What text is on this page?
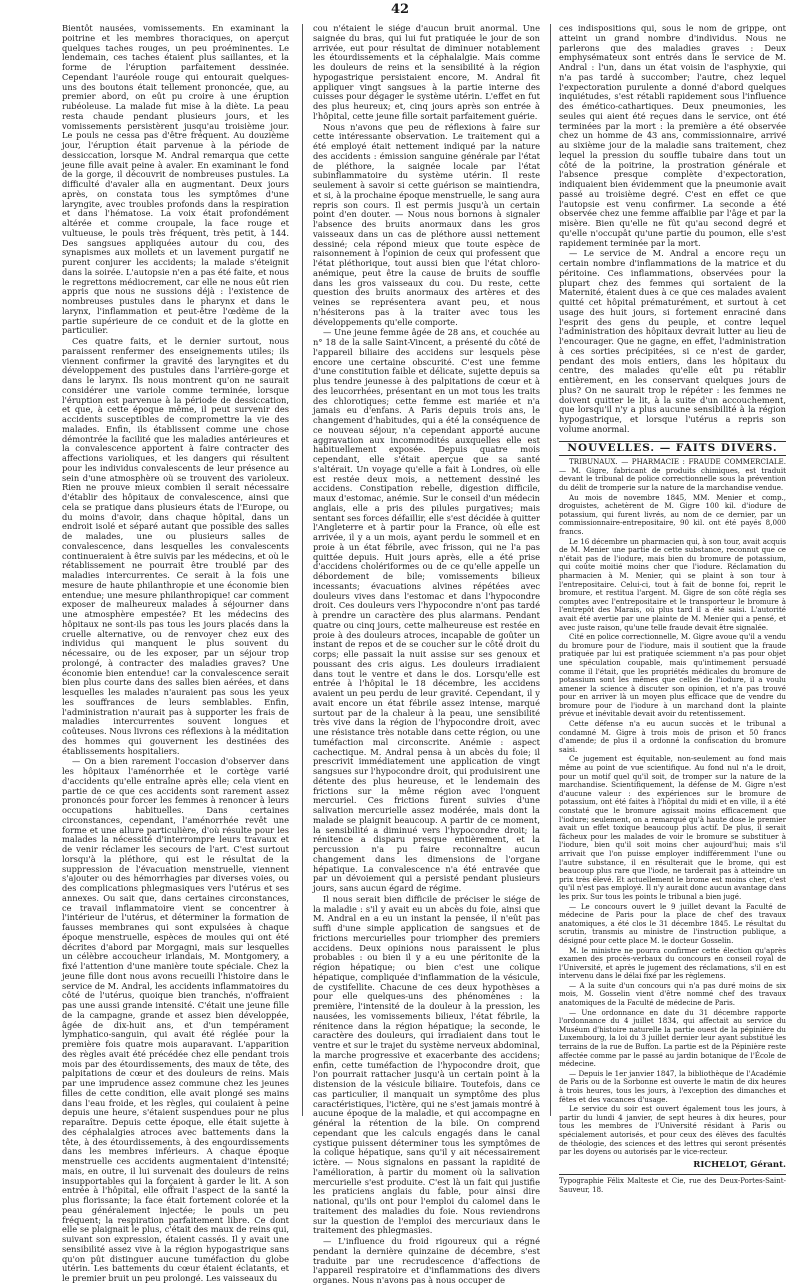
42

Bientôt nausées, vomissements. En examinant la poitrine et les membres thoraciques, on aperçut quelques taches rouges, un peu proéminentes. Le lendemain, ces taches étaient plus saillantes, et la forme de l'éruption parfaitement dessinée. Cependant l'auréole rouge qui entourait quelques-uns des boutons était tellement prononcée, que, au premier abord, on eût pu croire à une éruption rubéoleuse. La malade fut mise à la diète. La peau resta chaude pendant plusieurs jours, et les vomissements persistèrent jusqu'au troisième jour. Le pouls ne cessa pas d'être fréquent. Au douzième jour, l'éruption était parvenue à la période de dessiccation, lorsque M. Andral remarqua que cette jeune fille avait peine à avaler. En examinant le fond de la gorge, il découvrit de nombreuses pustules. La difficulté d'avaler alla en augmentant. Deux jours après, on constata tous les symptômes d'une laryngite, avec troubles profonds dans la respiration et dans l'hématose. La voix était profondément altérée et comme croupale, la face rouge et vultueuse, le pouls très fréquent, très petit, à 144. Des sangsues appliquées autour du cou, des synapismes aux mollets et un lavement purgatif ne purent conjurer les accidents; la malade s'éteignit dans la soirée. L'autopsie n'en a pas été faite, et nous le regrettons médiocrement, car elle ne nous eût rien appris que nous ne sussions déjà : l'existence de nombreuses pustules dans le pharynx et dans le larynx, l'inflammation et peut-être l'œdème de la partie supérieure de ce conduit et de la glotte en particulier.

Ces quatre faits, et le dernier surtout, nous paraissent renfermer des enseignements utiles; ils viennent confirmer la gravité des laryngites et du développement des pustules dans l'arrière-gorge et dans le larynx. Ils nous montrent qu'on ne saurait considérer une variole comme terminée, lorsque l'éruption est parvenue à la période de dessiccation, et que, à cette époque même, il peut survenir des accidents susceptibles de compromettre la vie des malades. Enfin, ils établissent comme une chose démontrée la facilité que les maladies antérieures et la convalescence apportent à faire contracter des affections varioliques, et les dangers qui résultent pour les individus convalescents de leur présence au sein d'une atmosphère où se trouvent des varioleux. Rien ne prouve mieux combien il serait nécessaire d'établir des hôpitaux de convalescence, ainsi que cela se pratique dans plusieurs états de l'Europe, ou du moins d'avoir, dans chaque hôpital, dans un endroit isolé et séparé autant que possible des salles de malades, une ou plusieurs salles de convalescence, dans lesquelles les convalescents continueraient à être suivis par les médecins, et où le rétablissement ne pourrait être troublé par des maladies intercurrentes. Ce serait à la fois une mesure de haute philanthropie et une économie bien entendue; une mesure philanthropique! car comment exposer de malheureux malades à séjourner dans une atmosphère empestée? Et les médecins des hôpitaux ne sont-ils pas tous les jours placés dans la cruelle alternative, ou de renvoyer chez eux des individus qui manquent le plus souvent du nécessaire, ou de les exposer, par un séjour trop prolongé, à contracter des maladies graves? Une économie bien entendue! car la convalescence serait bien plus courte dans des salles bien aérées, et dans lesquelles les malades n'auraient pas sous les yeux les souffrances de leurs semblables. Enfin, l'administration n'aurait pas à supporter les frais de maladies intercurrentes souvent longues et coûteuses. Nous livrons ces réflexions à la méditation des hommes qui gouvernent les destinées des établissements hospitaliers.

— On a bien rarement l'occasion d'observer dans les hôpitaux l'aménorrhée et le cortège varié d'accidents qu'elle entraîne après elle; cela vient en partie de ce que ces accidents sont rarement assez prononcés pour forcer les femmes à renoncer à leurs occupations habituelles. Dans certaines circonstances, cependant, l'aménorrhée revêt une forme et une allure particulière, d'où résulte pour les malades la nécessité d'interrompre leurs travaux et de venir réclamer les secours de l'art. C'est surtout lorsqu'à la pléthore, qui est le résultat de la suppression de l'évacuation menstruelle, viennent s'ajouter ou des hémorrhagies par diverses voies, ou des complications phlegmasiques vers l'utérus et ses annexes. Ou sait que, dans certaines circonstances, ce travail inflammatoire vient se concentrer à l'intérieur de l'utérus, et déterminer la formation de fausses membranes qui sont expulsées à chaque époque menstruelle, espèces de moules qui ont été décrites d'abord par Morgagni, mais sur lesquelles un célèbre accoucheur irlandais, M. Montgomery, a fixé l'attention d'une manière toute spéciale. Chez la jeune fille dont nous avons recueilli l'histoire dans le service de M. Andral, les accidents inflammatoires du côté de l'utérus, quoique bien tranchés, n'offraient pas une aussi grande intensité. C'était une jeune fille de la campagne, grande et assez bien développée, âgée de dix-huit ans, et d'un tempérament lymphatico-sanguin, qui avait été réglée pour la première fois quatre mois auparavant. L'apparition des règles avait été précédée chez elle pendant trois mois par des étourdissements, des maux de tête, des palpitations de cœur et des douleurs de reins. Mais par une imprudence assez commune chez les jeunes filles de cette condition, elle avait plongé ses mains dans l'eau froide, et les règles, qui coulaient à peine depuis une heure, s'étaient suspendues pour ne plus reparaître. Depuis cette époque, elle était sujette à des céphalalgies atroces avec battements dans la tête, à des étourdissements, à des engourdissements dans les membres inférieurs. A chaque époque menstruelle ces accidents augmentaient d'intensité; mais, en outre, il lui survenait des douleurs de reins insupportables qui la forçaient à garder le lit. A son entrée à l'hôpital, elle offrait l'aspect de la santé la plus florissante; la face était fortement colorée et la peau généralement injectée; le pouls un peu fréquent; la respiration parfaitement libre. Ce dont elle se plaignait le plus, c'était des maux de reins qui, suivant son expression, étaient cassés. Il y avait une sensibilité assez vive à la région hypogastrique sans qu'on pût distinguer aucune tuméfaction du globe utérin. Les battements du cœur étaient éclatants, et le premier bruit un peu prolongé. Les vaisseaux du

cou n'étaient le siége d'aucun bruit anormal. Une saignée du bras, qui lui fut pratiquée le jour de son arrivée, eut pour résultat de diminuer notablement les étourdissements et la céphalalgie. Mais comme les douleurs de reins et la sensibilité à la région hypogastrique persistaient encore, M. Andral fit appliquer vingt sangsues à la partie interne des cuisses pour dégager le système utérin. L'effet en fut des plus heureux; et, cinq jours après son entrée à l'hôpital, cette jeune fille sortait parfaitement guérie.

Nous n'avons que peu de réflexions à faire sur cette intéressante observation. Le traitement qui a été employé était nettement indiqué par la nature des accidents : émission sanguine générale par l'état de pléthore, la saignée locale par l'état subinflammatoire du système utérin. Il reste seulement à savoir si cette guérison se maintiendra, et si, à la prochaine époque menstruelle, le sang aura repris son cours. Il est permis jusqu'à un certain point d'en douter. — Nous nous bornons à signaler l'absence des bruits anormaux dans les gros vaisseaux dans un cas de pléthore aussi nettement dessiné; cela répond mieux que toute espèce de raisonnement à l'opinion de ceux qui professent que l'état pléthorique, tout aussi bien que l'état chloro-anémique, peut être la cause de bruits de souffle dans les gros vaisseaux du cou. Du reste, cette question des bruits anormaux des artères et des veines se représentera avant peu, et nous n'hésiterons pas à la traiter avec tous les développements qu'elle comporte.

— Une jeune femme âgée de 28 ans, et couchée au n° 18 de la salle Saint-Vincent, a présenté du côté de l'appareil biliaire des accidens sur lesquels pèse encore une certaine obscurité. C'est une femme d'une constitution faible et délicate, sujette depuis sa plus tendre jeunesse à des palpitations de cœur et à des leucorrhées, présentant en un mot tous les traits des chlorotiques; cette femme est mariée et n'a jamais eu d'enfans. A Paris depuis trois ans, le changement d'habitudes, qui a été la conséquence de ce nouveau séjour, n'a cependant apporté aucune aggravation aux incommodités auxquelles elle est habituellement exposée. Depuis quatre mois cependant, elle s'était aperçue que sa santé s'altérait. Un voyage qu'elle a fait à Londres, où elle est restée deux mois, a nettement dessiné les accidens. Constipation rebelle, digestion difficile, maux d'estomac, anémie. Sur le conseil d'un médecin anglais, elle a pris des pilules purgatives; mais sentant ses forces défaillir, elle s'est décidée à quitter l'Angleterre et à partir pour la France, où elle est arrivée, il y a un mois, ayant perdu le sommeil et en proie à un état fébrile, avec frisson, qui ne l'a pas quittée depuis. Huit jours après, elle a été prise d'accidens cholériformes ou de ce qu'elle appelle un débordement de bile; vomissements bilieux incessants; évacuations alvines répétées avec douleurs vives dans l'estomac et dans l'hypocondre droit. Ces douleurs vers l'hypocondre n'ont pas tardé à prendre un caractère des plus alarmans. Pendant quatre ou cinq jours, cette malheureuse est restée en proie à des douleurs atroces, incapable de goûter un instant de repos et de se coucher sur le côté droit du corps; elle passait la nuit assise sur ses genoux et poussant des cris aigus. Les douleurs irradiaient dans tout le ventre et dans le dos. Lorsqu'elle est entrée à l'hôpital le 18 décembre, les accidens avaient un peu perdu de leur gravité. Cependant, il y avait encore un état fébrile assez intense, marqué surtout par de la chaleur à la peau, une sensibilité très vive dans la région de l'hypocondre droit, avec une résistance très notable dans cette région, ou une tuméfaction mal circonscrite. Anémie : aspect cachectique. M. Andral pensa à un abcès du foie; il prescrivit immédiatement une application de vingt sangsues sur l'hypocondre droit, qui produisirent une détente des plus heureuse, et le lendemain des frictions sur la même région avec l'onguent mercuriel. Ces frictions furent suivies d'une salivation mercurielle assez modérée, mais dont la malade se plaignit beaucoup. A partir de ce moment, la sensibilité a diminué vers l'hypocondre droit; la rénitence a disparu presque entièrement, et la percussion n'a pu faire reconnaître aucun changement dans les dimensions de l'organe hépatique. La convalescence n'a été entravée que par un dévoiement qui a persisté pendant plusieurs jours, sans aucun égard de régime.

Il nous serait bien difficile de préciser le siége de la maladie : s'il y avait eu un abcès du foie, ainsi que M. Andral en a eu un instant la pensée, il n'eût pas suffi d'une simple application de sangsues et de frictions mercurielles pour triompher des premiers accidens. Deux opinions nous paraissent le plus probables : ou bien il y a eu une péritonite de la région hépatique; ou bien c'est une colique hépatique, compliquée d'inflammation de la vésicule, de cystifellite. Chacune de ces deux hypothèses a pour elle quelques-uns des phénomènes : la première, l'intensité de la douleur à la pression, les nausées, les vomissements bilieux, l'état fébrile, la rénitence dans la région hépatique; la seconde, le caractère des douleurs, qui irradiaient dans tout le ventre et sur le trajet du système nerveux abdominal, la marche progressive et exacerbante des accidens; enfin, cette tuméfaction de l'hypocondre droit, que l'on pourrait rattacher jusqu'à un certain point à la distension de la vésicule biliaire. Toutefois, dans ce cas particulier, il manquait un symptôme des plus caractéristiques, l'ictère, qui ne s'est jamais montré à aucune époque de la maladie, et qui accompagne en général la rétention de la bile. On comprend cependant que les calculs engagés dans le canal cystique puissent déterminer tous les symptômes de la colique hépatique, sans qu'il y ait nécessairement ictère. — Nous signalons en passant la rapidité de l'amélioration, à partir du moment où la salivation mercurielle s'est produite. C'est là un fait qui justifie les praticiens anglais du fable, pour ainsi dire national, qu'ils ont pour l'emploi du calomel dans le traitement des maladies du foie. Nous reviendrons sur la question de l'emploi des mercuriaux dans le traitement des phlegmasies.

— L'influence du froid rigoureux qui a régné pendant la dernière quinzaine de décembre, s'est traduite par une recrudescence d'affections de l'appareil respiratoire et d'inflammations des divers organes. Nous n'avons pas à nous occuper de

ces indispositions qui, sous le nom de grippe, ont atteint un grand nombre d'individus. Nous ne parlerons que des maladies graves : Deux emphysémateux sont entrés dans le service de M. Andral : l'un, dans un état voisin de l'asphyxie, qui n'a pas tardé à succomber; l'autre, chez lequel l'expectoration purulente a donné d'abord quelques inquiétudes, s'est rétabli rapidement sous l'influence des émético-cathartiques. Deux pneumonies, les seules qui aient été reçues dans le service, ont été terminées par la mort : la première a été observée chez un homme de 43 ans, commissionnaire, arrivé au sixième jour de la maladie sans traitement, chez lequel la pression du souffle tubaire dans tout un côté de la poitrine, la prostration générale et l'absence presque complète d'expectoration, indiquaient bien évidemment que la pneumonie avait passé au troisième degré. C'est en effet ce que l'autopsie est venu confirmer. La seconde a été observée chez une femme affaiblie par l'âge et par la misère. Bien qu'elle ne fût qu'au second degré et qu'elle n'occupât qu'une partie du poumon, elle s'est rapidement terminée par la mort.

— Le service de M. Andral a encore reçu un certain nombre d'inflammations de la matrice et du péritoine. Ces inflammations, observées pour la plupart chez des femmes qui sortaient de la Maternité, étaient dues à ce que ces malades avaient quitté cet hôpital prématurément, et surtout à cet usage des huit jours, si fortement enraciné dans l'esprit des gens du peuple, et contre lequel l'administration des hôpitaux devrait lutter au lieu de l'encourager. Que ne gagne, en effet, l'administration à ces sorties précipitées, si ce n'est de garder, pendant des mois entiers, dans les hôpitaux du centre, des malades qu'elle eût pu rétablir entièrement, en les conservant quelques jours de plus? On ne saurait trop le répéter : les femmes ne doivent quitter le lit, à la suite d'un accouchement, que lorsqu'il n'y a plus aucune sensibilité à la région hypogastrique, et lorsque l'utérus a repris son volume anormal.

NOUVELLES. — FAITS DIVERS.

TRIBUNAUX. — PHARMACIE : FRAUDE COMMERCIALE. — M. Gigre, fabricant de produits chimiques, est traduit devant le tribunal de police correctionnelle sous la prévention du délit de tromperie sur la nature de la marchandise vendue.

Au mois de novembre 1845, MM. Menier et comp., droguistes, achetèrent de M. Gigre 100 kil. d'iodure de potassium, qui furent livrés, au nom de ce dernier, par un commissionnaire-entrepositaire, 90 kil. ont été payés 8,000 francs.

Le 16 décembre un pharmacien qui, à son tour, avait acquis de M. Menier une partie de cette substance, reconnut que ce n'était pas de l'iodure, mais bien du bromure de potassium, qui coûte moitié moins cher que l'iodure. Réclamation du pharmacien à M. Menier, qui se plaint à son tour à l'entrepositaire. Celui-ci, tout à fait de bonne foi, reprit le bromure, et restitua l'argent. M. Gigre de son côté régla ses comptes avec l'entrepositaire et le transporteur le bromure à l'entrepôt des Marais, où plus tard il a été saisi. L'autorité avait été avertie par une plainte de M. Menier qui a pensé, et avec juste raison, qu'une telle fraude devait être signalée.

Cité en police correctionnelle, M. Gigre avoue qu'il a vendu du bromure pour de l'iodure, mais il soutient que la fraude pratiquée par lui est pratiquée sciemment n'a pas pour objet une spéculation coupable, mais qu'intimement persuadé comme il l'était, que les propriétés médicales du bromure de potassium sont les mêmes que celles de l'iodure, il a voulu amener la science à discuter son opinion, et n'a pas trouvé pour en arriver là un moyen plus efficace que de vendre du bromure pour de l'iodure à un marchand dont la plainte prévue et inévitable devait avoir du retentissement.

Cette défense n'a eu aucun succès et le tribunal a condamné M. Gigre à trois mois de prison et 50 francs d'amende; de plus il a ordonné la confiscation du bromure saisi.

Ce jugement est équitable, non-seulement au fond mais même au point de vue scientifique. Au fond nul n'a le droit, pour un motif quel qu'il soit, de tromper sur la nature de la marchandise. Scientifiquement, la défense de M. Gigre n'est d'aucune valeur : des expériences sur le bromure de potassium, ont été faites à l'hôpital du midi et en ville, il a été constaté que le bromure agissait moins efficacement que l'iodure; seulement, on a remarqué qu'à haute dose le premier avait un effet toxique beaucoup plus actif. De plus, il serait fâcheux pour les malades de voir le bromure se substituer à l'iodure, bien qu'il soit moins cher aujourd'hui; mais s'il arrivait que l'on puisse employer indifféremment l'une ou l'autre substance, il en résulterait que le brome, qui est beaucoup plus rare que l'iode, ne tarderait pas à atteindre un prix très élevé. Et actuellement le brome est moins cher, c'est qu'il n'est pas employé. Il n'y aurait donc aucun avantage dans les prix. Sur tous les points le tribunal a bien jugé.

— Le concours ouvert le 9 juillet devant la Faculté de médecine de Paris pour la place de chef des travaux anatomiques, a été clos le 31 décembre 1845. Le résultat du scrutin, transmis au ministre de l'instruction publique, a désigné pour cette place M. le docteur Gosselin.

M. le ministre ne pourra confirmer cette élection qu'après examen des procès-verbaux du concours en conseil royal de l'Université, et après le jugement des réclamations, s'il en est intervenu dans le délai fixé par les règlemens.

— A la suite d'un concours qui n'a pas duré moins de six mois, M. Gosselin vient d'être nommé chef des travaux anatomiques de la Faculté de médecine de Paris.

— Une ordonnance en date du 31 décembre rapporte l'ordonnance du 4 juillet 1834, qui affectait au service du Muséum d'histoire naturelle la partie ouest de la pépinière du Luxembourg, la loi du 3 juillet dernier leur ayant substitué les terrains de la rue de Buffon. La partie est de la Pépinière reste affectée comme par le passé au jardin botanique de l'École de médecine.

— Depuis le 1er janvier 1847, la bibliothèque de l'Académie de Paris ou de la Sorbonne est ouverte le matin de dix heures à trois heures, tous les jours, à l'exception des dimanches et fêtes et des vacances d'usage.

Le service du soir est ouvert également tous les jours, à partir du lundi 4 janvier, de sept heures à dix heures, pour tous les membres de l'Université résidant à Paris ou spécialement autorisés, et pour ceux des élèves des facultés de théologie, des sciences et des lettres qui seront présentés par les doyens ou autorisés par le vice-recteur.

RICHELOT, Gérant.
Typographie Félix Malteste et Cie, rue des Deux-Portes-Saint-Sauveur, 18.
